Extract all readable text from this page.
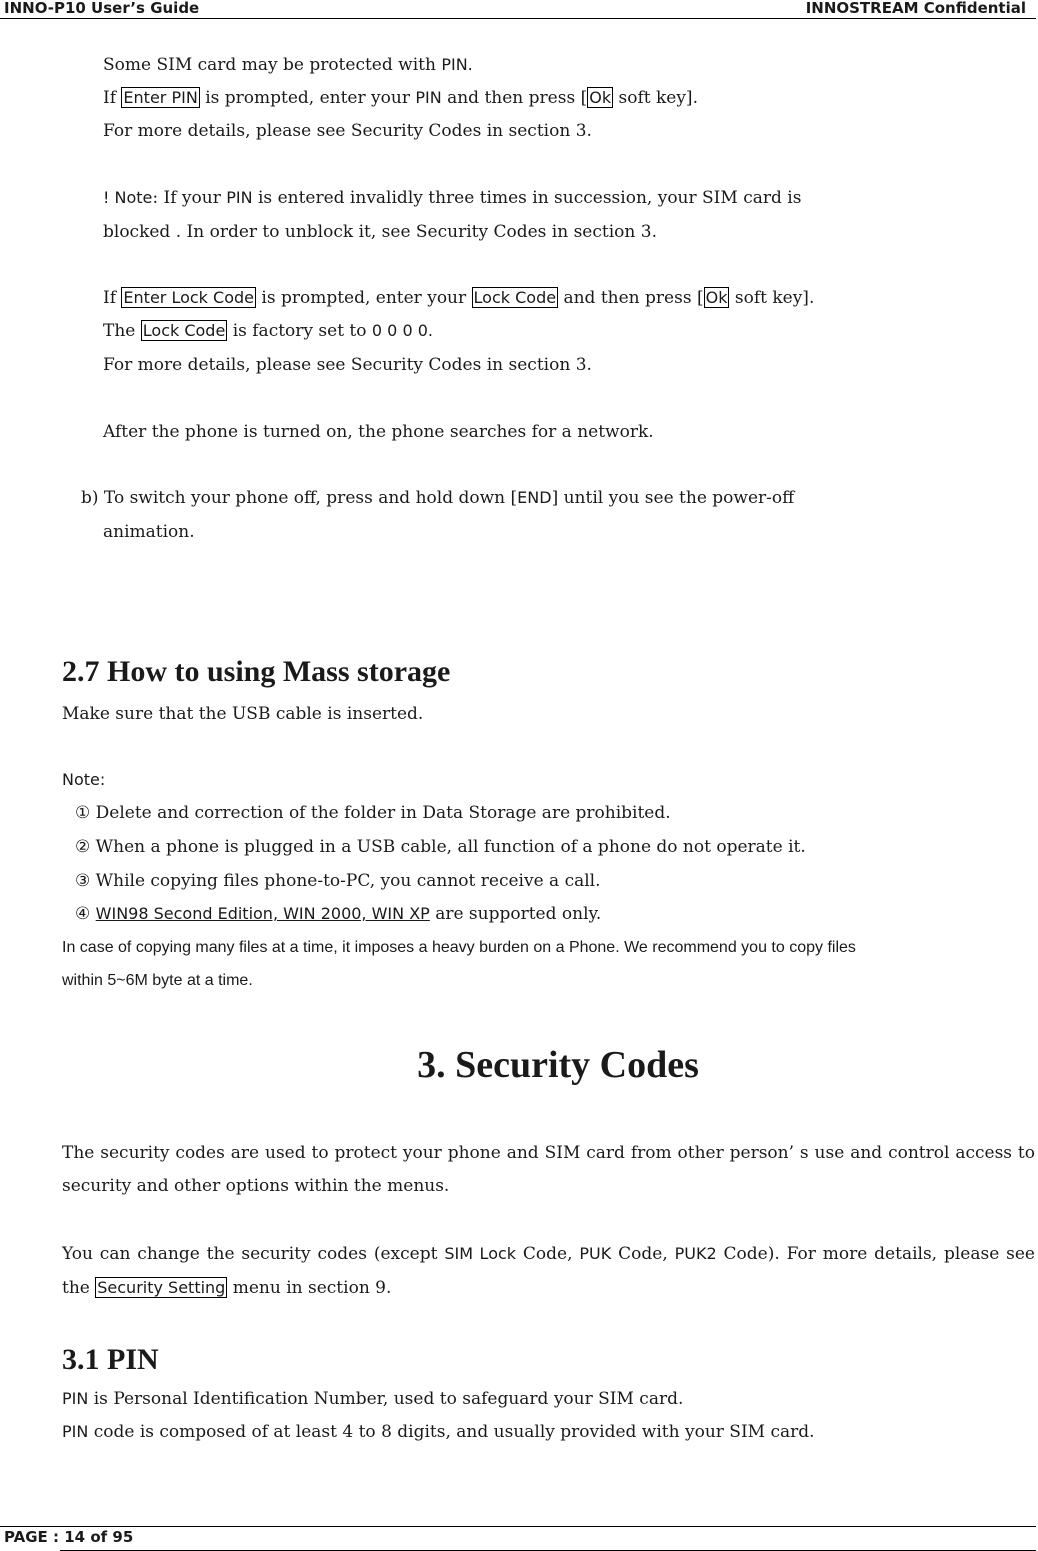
INNO-P10 User’s Guide	INNOSTREAM Confidential
Some SIM card may be protected with PIN.
If Enter PIN is prompted, enter your PIN and then press [ Ok soft key].
For more details, please see Security Codes in section 3.
! Note: If your PIN is entered invalidly three times in succession, your SIM card is
blocked . In order to unblock it, see Security Codes in section 3.
If Enter Lock Code is prompted, enter your Lock Code and then press [ Ok soft key].
The Lock Code is factory set to 0 0 0 0.
For more details, please see Security Codes in section 3.
After the phone is turned on, the phone searches for a network.
b) To switch your phone off, press and hold down [END] until you see the power-off
animation.
2.7 How to using Mass storage
Make sure that the USB cable is inserted.
Note:
① Delete and correction of the folder in Data Storage are prohibited.
② When a phone is plugged in a USB cable, all function of a phone do not operate it.
③ While copying files phone-to-PC, you cannot receive a call.
④ WIN98 Second Edition, WIN 2000, WIN XP are supported only.
In case of copying many files at a time, it imposes a heavy burden on a Phone. We recommend you to copy files
within 5~6M byte at a time.
3. Security Codes
The security codes are used to protect your phone and SIM card from other person’ s use and control access to security and other options within the menus.
You can change the security codes (except SIM Lock Code, PUK Code, PUK2 Code). For more details, please see the Security Setting menu in section 9.
3.1 PIN
PIN is Personal Identification Number, used to safeguard your SIM card.
PIN code is composed of at least 4 to 8 digits, and usually provided with your SIM card.
PAGE : 14 of 95
